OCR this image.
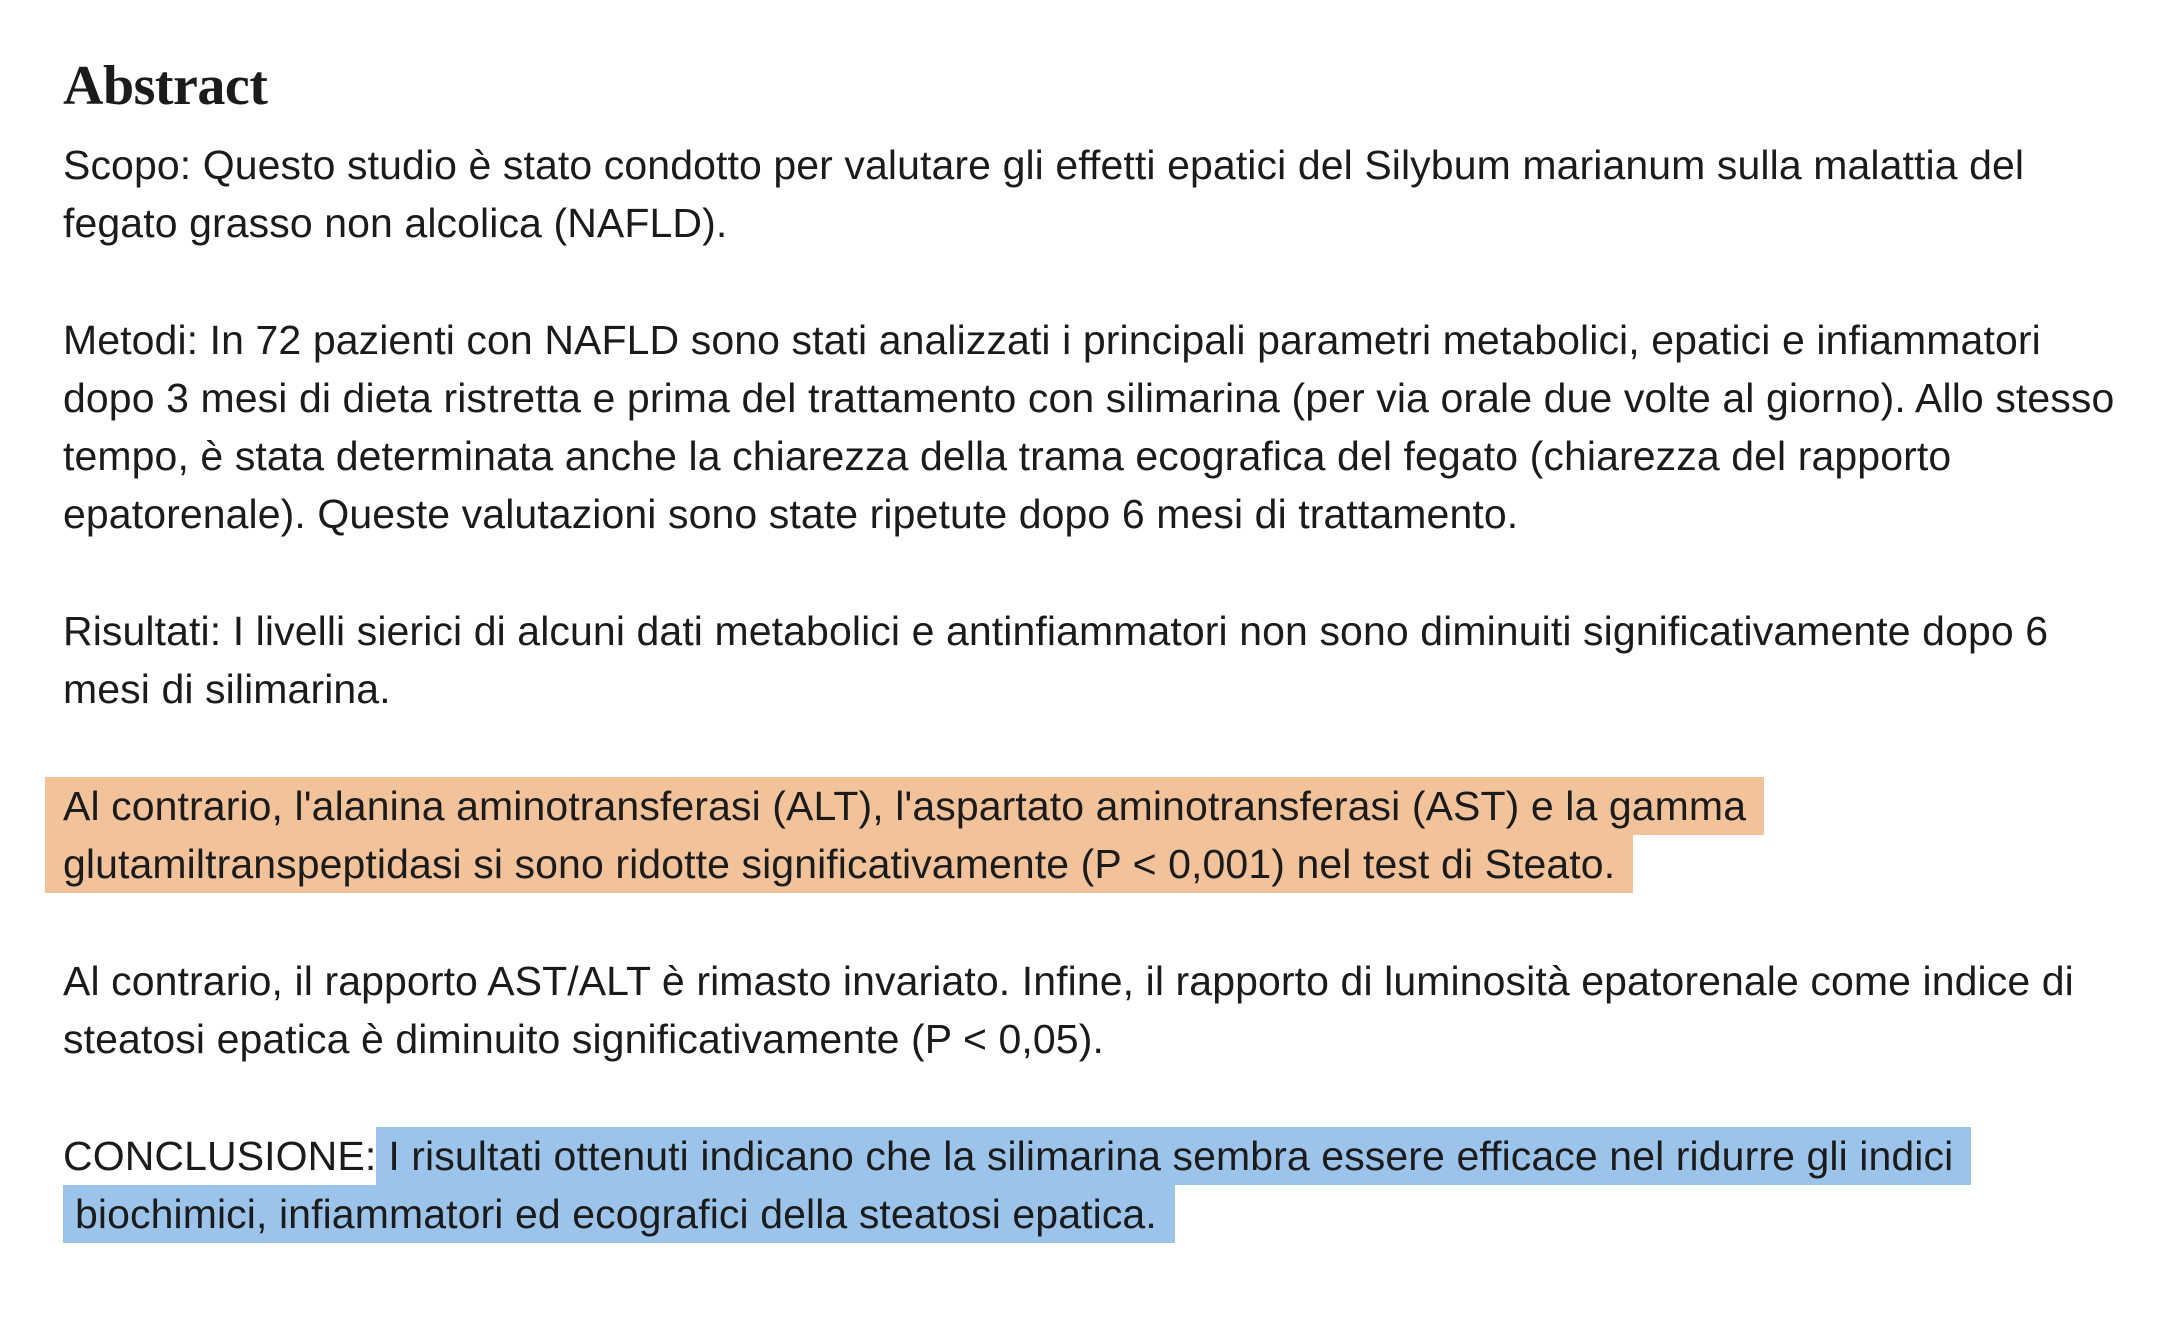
Abstract

Scopo: Questo studio è stato condotto per valutare gli effetti epatici del Silybum marianum sulla malattia del fegato grasso non alcolica (NAFLD).

Metodi: In 72 pazienti con NAFLD sono stati analizzati i principali parametri metabolici, epatici e infiammatori dopo 3 mesi di dieta ristretta e prima del trattamento con silimarina (per via orale due volte al giorno). Allo stesso tempo, è stata determinata anche la chiarezza della trama ecografica del fegato (chiarezza del rapporto epatorenale). Queste valutazioni sono state ripetute dopo 6 mesi di trattamento.

Risultati: I livelli sierici di alcuni dati metabolici e antinfiammatori non sono diminuiti significativamente dopo 6 mesi di silimarina.

Al contrario, l'alanina aminotransferasi (ALT), l'aspartato aminotransferasi (AST) e la gamma glutamiltranspeptidasi si sono ridotte significativamente (P < 0,001) nel test di Steato.

Al contrario, il rapporto AST/ALT è rimasto invariato. Infine, il rapporto di luminosità epatorenale come indice di steatosi epatica è diminuito significativamente (P < 0,05).

CONCLUSIONE: I risultati ottenuti indicano che la silimarina sembra essere efficace nel ridurre gli indici biochimici, infiammatori ed ecografici della steatosi epatica.
